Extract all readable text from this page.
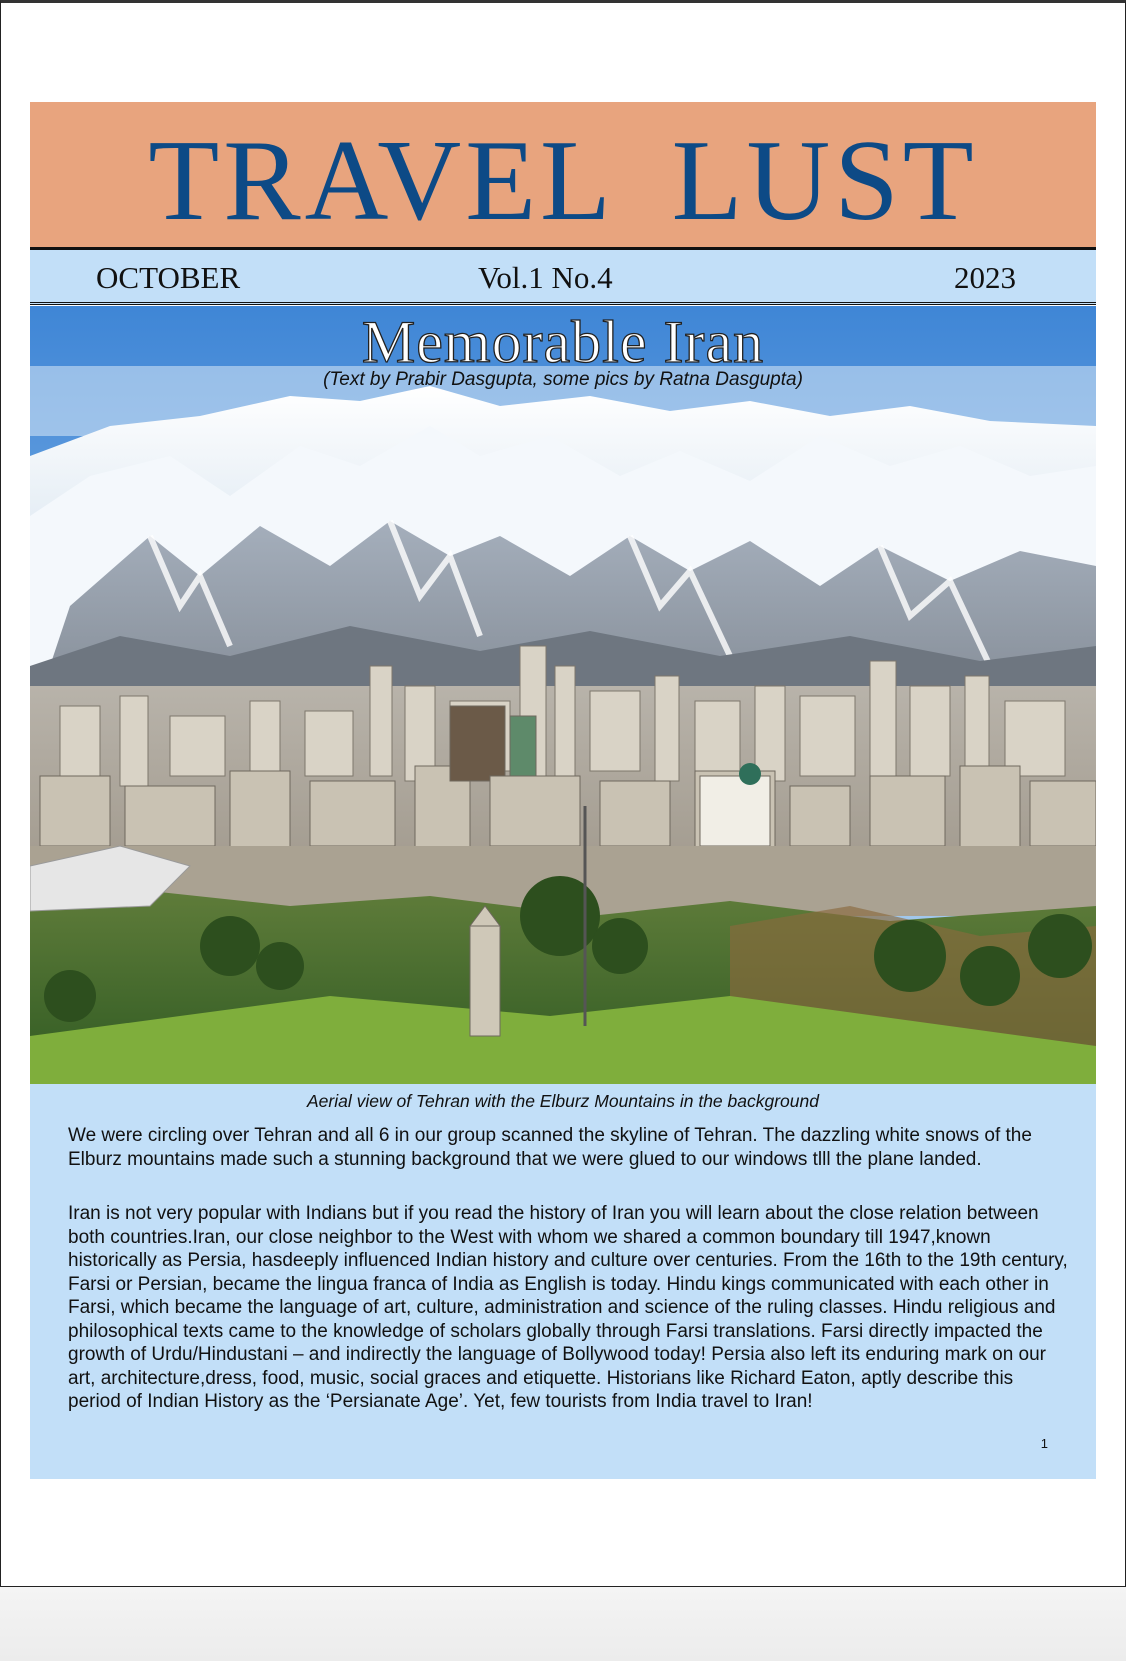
TRAVEL LUST
OCTOBER	Vol.1 No.4	2023
Memorable Iran
(Text by Prabir Dasgupta, some pics by Ratna Dasgupta)
Aerial view of Tehran with the Elburz Mountains in the background

We were circling over Tehran and all 6 in our group scanned the skyline of Tehran. The dazzling white snows of the Elburz mountains made such a stunning background that we were glued to our windows tlll the plane landed.

Iran is not very popular with Indians but if you read the history of Iran you will learn about the close relation between both countries.Iran, our close neighbor to the West with whom we shared a common boundary till 1947,known historically as Persia, hasdeeply influenced Indian history and culture over centuries. From the 16th to the 19th century, Farsi or Persian, became the lingua franca of India as English is today. Hindu kings communicated with each other in Farsi, which became the language of art, culture, administration and science of the ruling classes. Hindu religious and philosophical texts came to the knowledge of scholars globally through Farsi translations. Farsi directly impacted the growth of Urdu/Hindustani – and indirectly the language of Bollywood today! Persia also left its enduring mark on our art, architecture,dress, food, music, social graces and etiquette. Historians like Richard Eaton, aptly describe this period of Indian History as the ‘Persianate Age’. Yet, few tourists from India travel to Iran!

1
